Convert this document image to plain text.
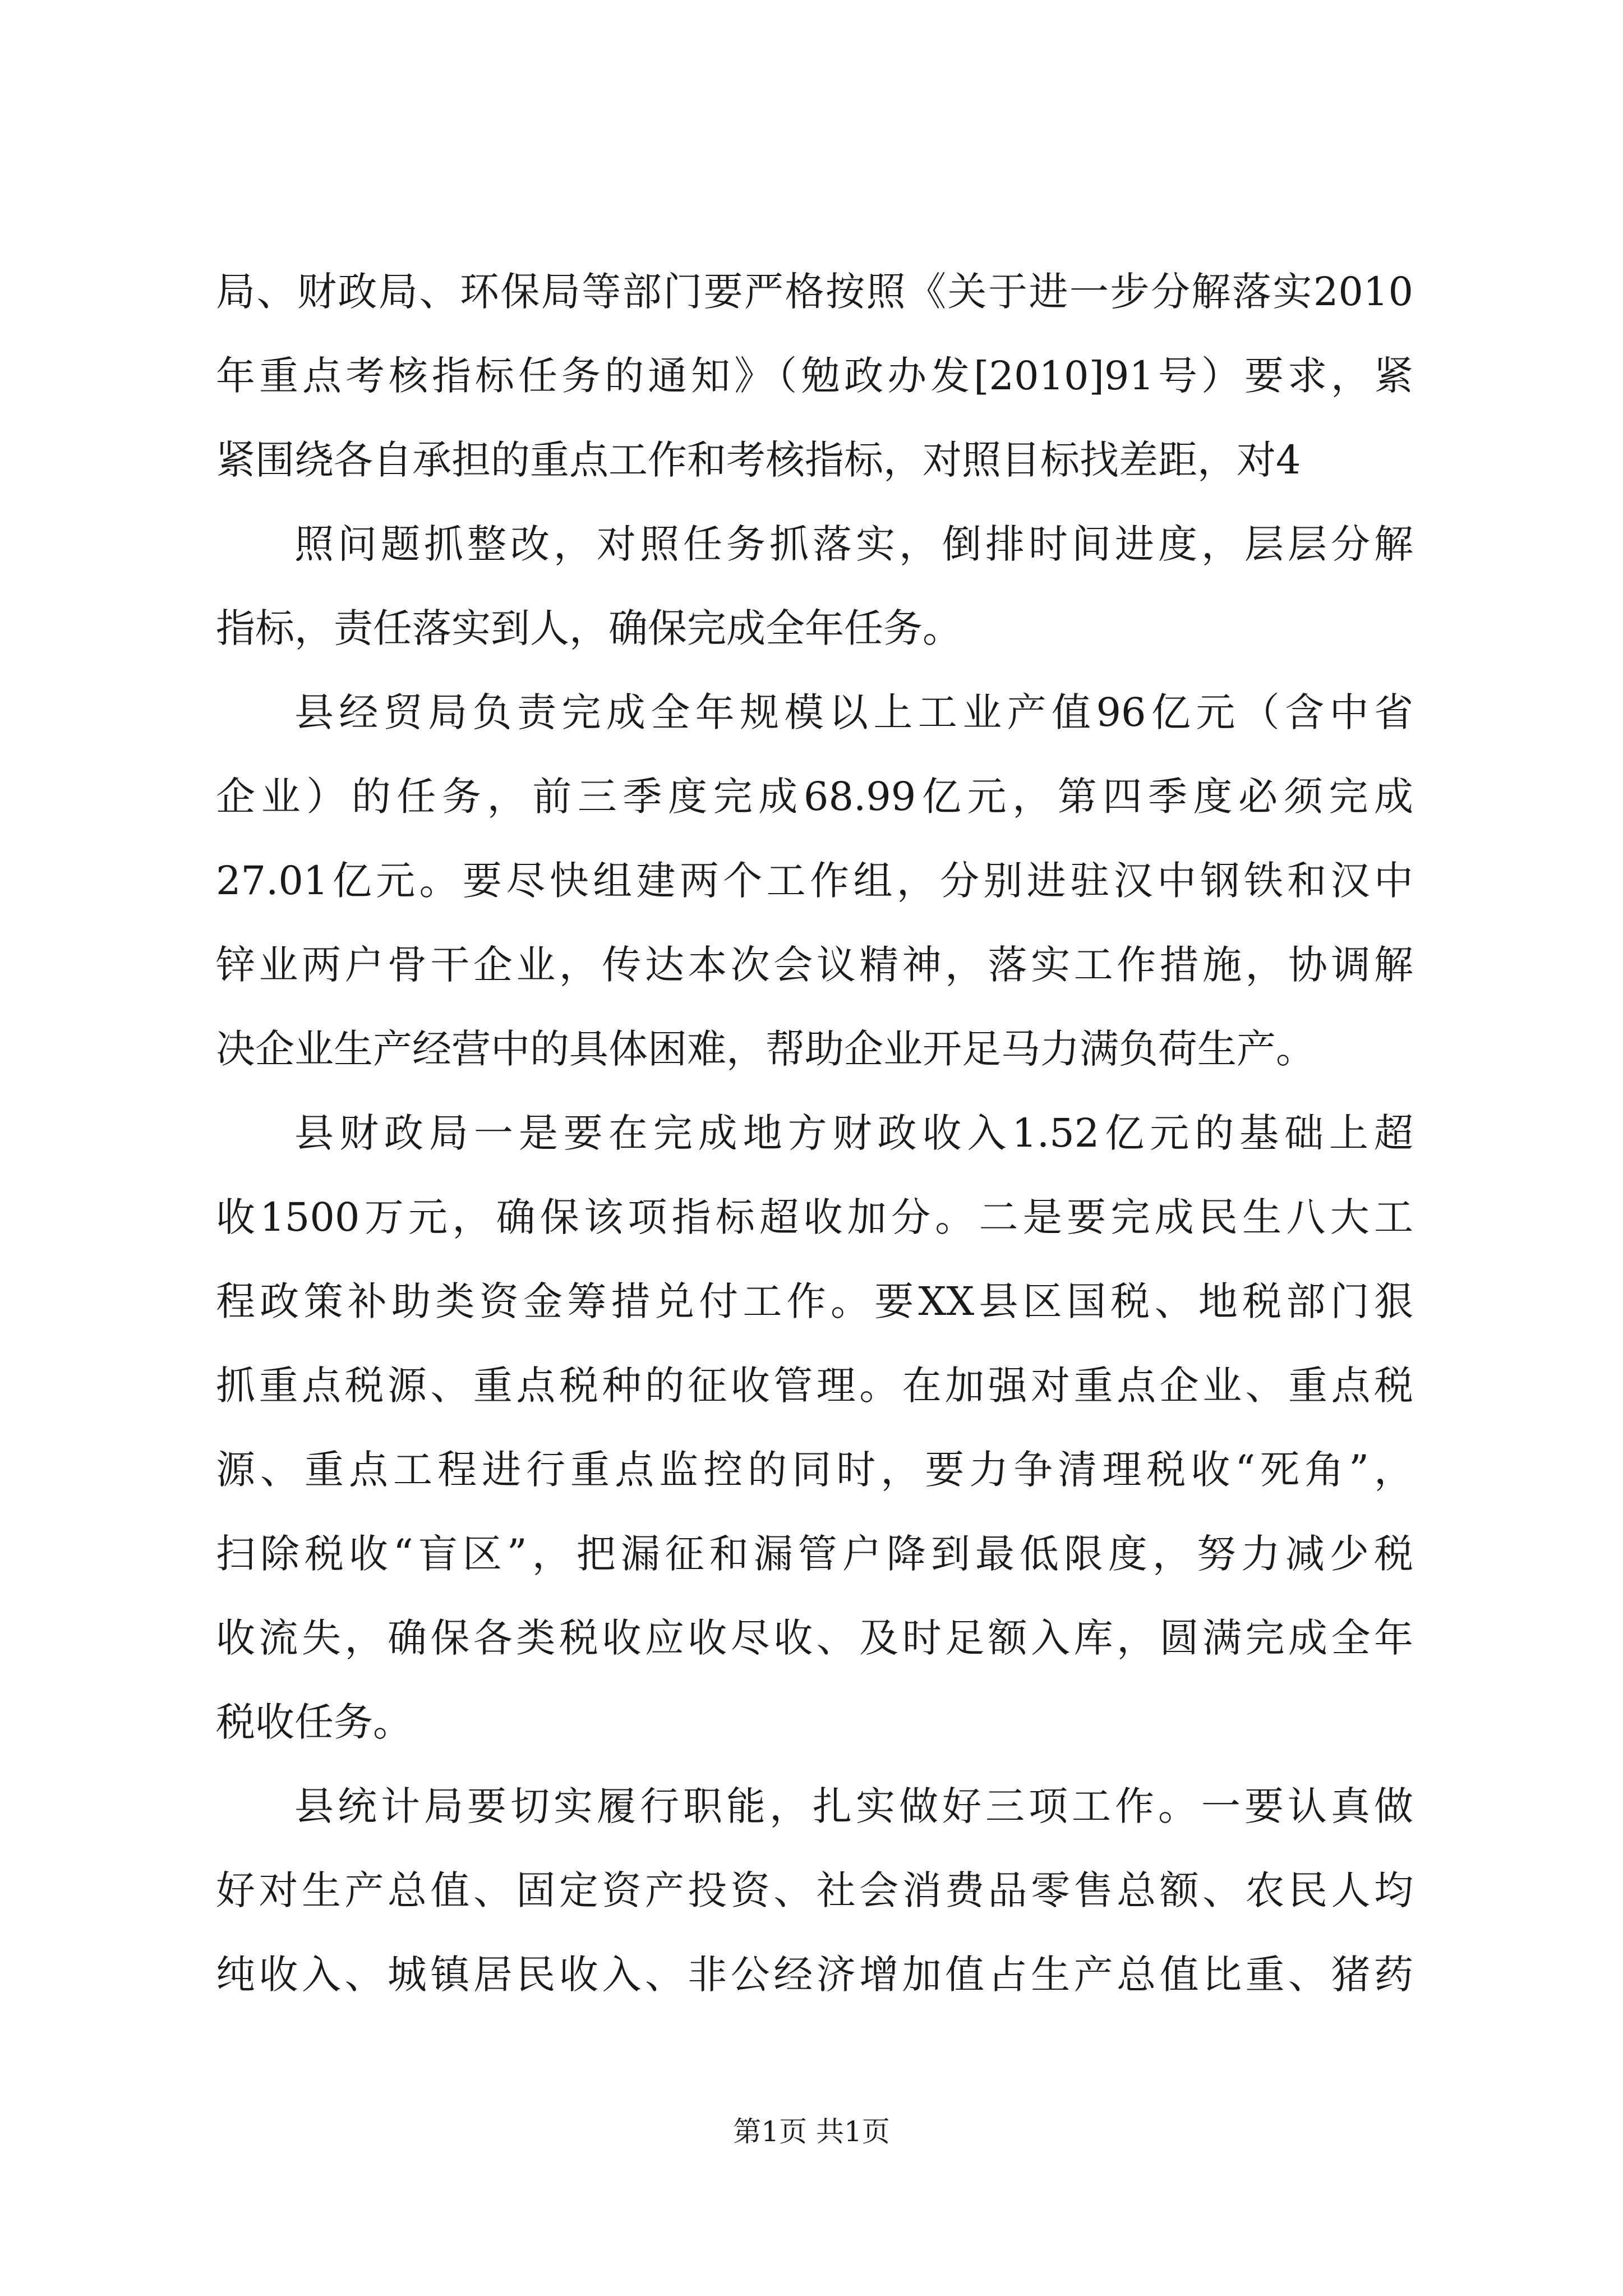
局、财政局、环保局等部门要严格按照《关于进一步分解落实2010
年重点考核指标任务的通知》（勉政办发[2010]91号）要求，紧
紧围绕各自承担的重点工作和考核指标，对照目标找差距，对4
照问题抓整改，对照任务抓落实，倒排时间进度，层层分解
指标，责任落实到人，确保完成全年任务。
县经贸局负责完成全年规模以上工业产值96亿元（含中省
企业）的任务，前三季度完成68.99亿元，第四季度必须完成
27.01亿元。要尽快组建两个工作组，分别进驻汉中钢铁和汉中
锌业两户骨干企业，传达本次会议精神，落实工作措施，协调解
决企业生产经营中的具体困难，帮助企业开足马力满负荷生产。
县财政局一是要在完成地方财政收入1.52亿元的基础上超
收1500万元，确保该项指标超收加分。二是要完成民生八大工
程政策补助类资金筹措兑付工作。要XX县区国税、地税部门狠
抓重点税源、重点税种的征收管理。在加强对重点企业、重点税
源、重点工程进行重点监控的同时，要力争清理税收“死角”，
扫除税收“盲区”，把漏征和漏管户降到最低限度，努力减少税
收流失，确保各类税收应收尽收、及时足额入库，圆满完成全年
税收任务。
县统计局要切实履行职能，扎实做好三项工作。一要认真做
好对生产总值、固定资产投资、社会消费品零售总额、农民人均
纯收入、城镇居民收入、非公经济增加值占生产总值比重、猪药
第1页 共1页
